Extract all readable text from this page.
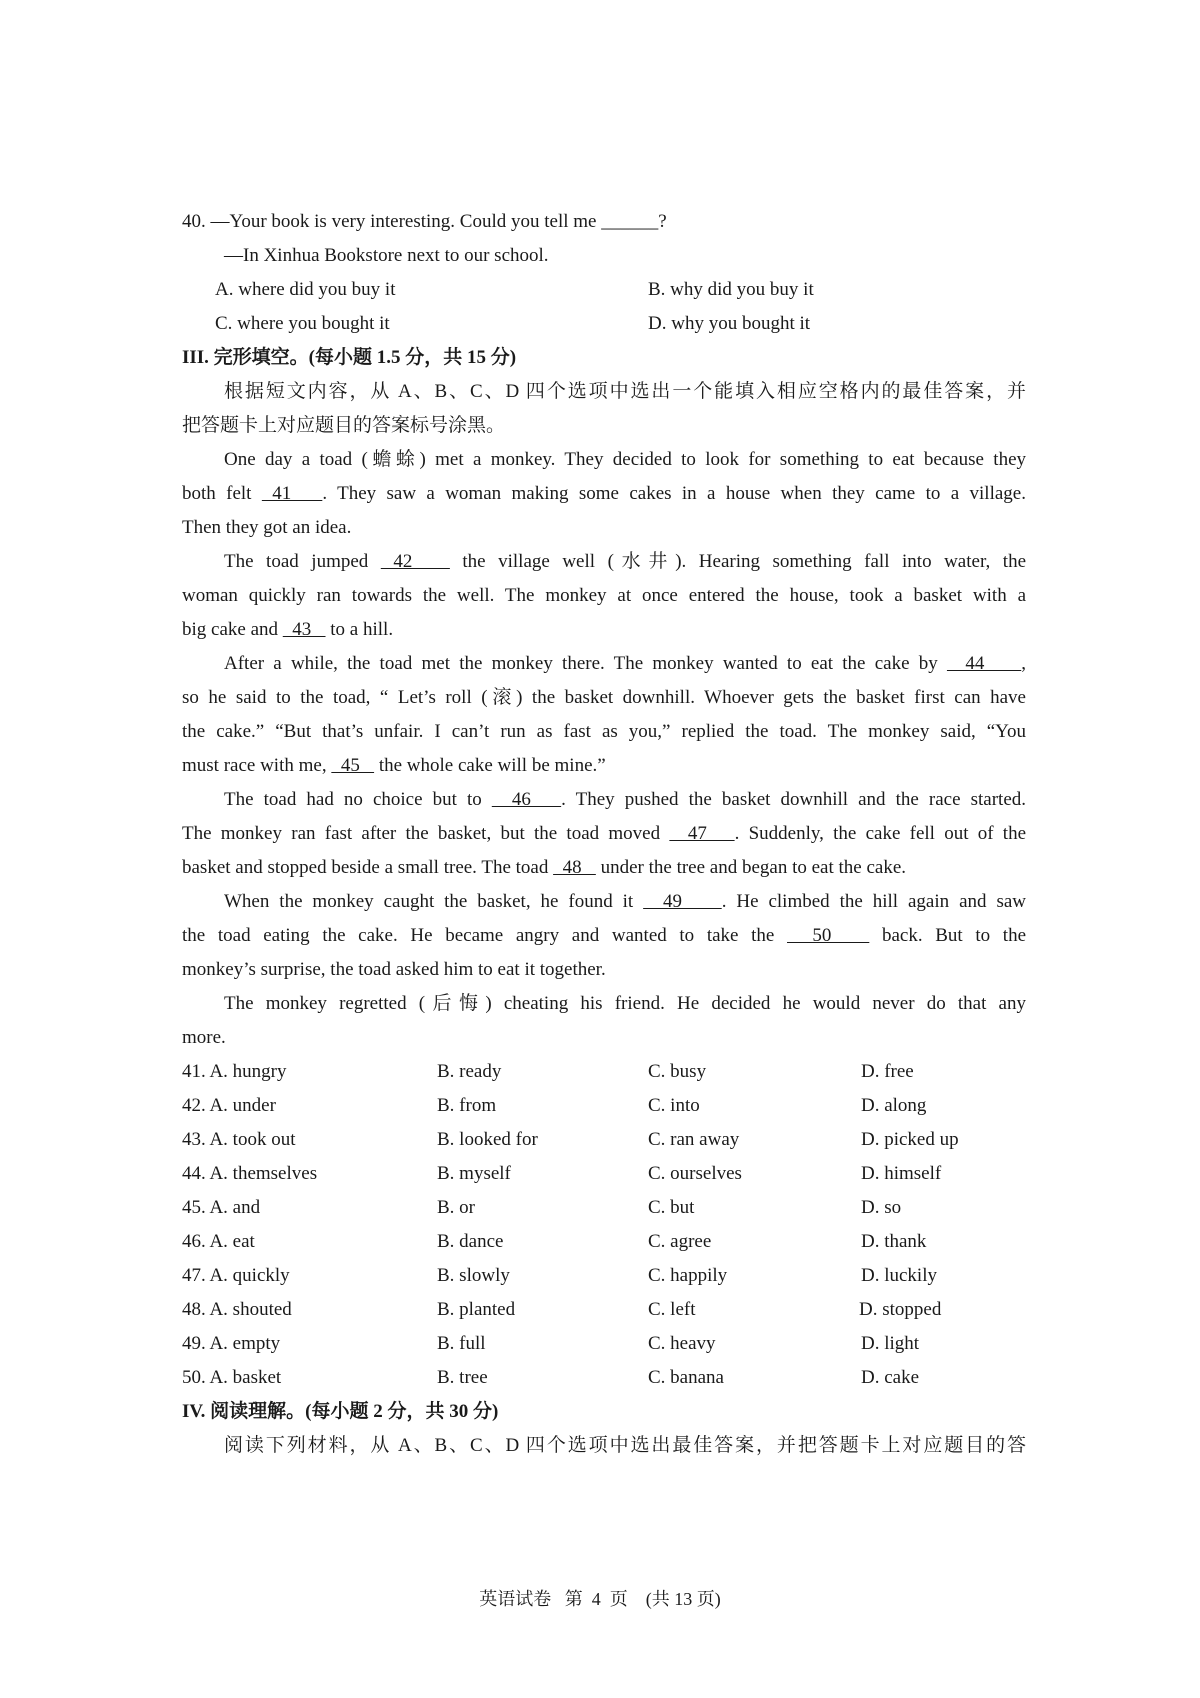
40. —Your book is very interesting. Could you tell me ______?
—In Xinhua Bookstore next to our school.
A. where did you buy it	B. why did you buy it
C. where you bought it	D. why you bought it
III. 完形填空。(每小题 1.5 分，共 15 分)
根据短文内容，从 A、B、C、D 四个选项中选出一个能填入相应空格内的最佳答案，并
把答题卡上对应题目的答案标号涂黑。
One day a toad (蟾蜍) met a monkey. They decided to look for something to eat because they
both felt  41   . They saw a woman making some cakes in a house when they came to a village.
Then they got an idea.
The toad jumped  42    the village well (水井). Hearing something fall into water, the
woman quickly ran towards the well. The monkey at once entered the house, took a basket with a
big cake and   43    to a hill.
After a while, the toad met the monkey there. The monkey wanted to eat the cake by   44    ,
so he said to the toad, “ Let’s roll (滚) the basket downhill. Whoever gets the basket first can have
the cake.” “But that’s unfair. I can’t run as fast as you,” replied the toad. The monkey said, “You
must race with me,   45    the whole cake will be mine.”
The toad had no choice but to   46   . They pushed the basket downhill and the race started.
The monkey ran fast after the basket, but the toad moved   47   . Suddenly, the cake fell out of the
basket and stopped beside a small tree. The toad   48    under the tree and began to eat the cake.
When the monkey caught the basket, he found it   49    . He climbed the hill again and saw
the toad eating the cake. He became angry and wanted to take the   50    back. But to the
monkey’s surprise, the toad asked him to eat it together.
The monkey regretted (后悔) cheating his friend. He decided he would never do that any
more.
41. A. hungry	B. ready	C. busy	D. free
42. A. under	B. from	C. into	D. along
43. A. took out	B. looked for	C. ran away	D. picked up
44. A. themselves	B. myself	C. ourselves	D. himself
45. A. and	B. or	C. but	D. so
46. A. eat	B. dance	C. agree	D. thank
47. A. quickly	B. slowly	C. happily	D. luckily
48. A. shouted	B. planted	C. left	D. stopped
49. A. empty	B. full	C. heavy	D. light
50. A. basket	B. tree	C. banana	D. cake
IV. 阅读理解。(每小题 2 分，共 30 分)
阅读下列材料，从 A、B、C、D 四个选项中选出最佳答案，并把答题卡上对应题目的答
英语试卷   第  4  页    (共 13 页)
